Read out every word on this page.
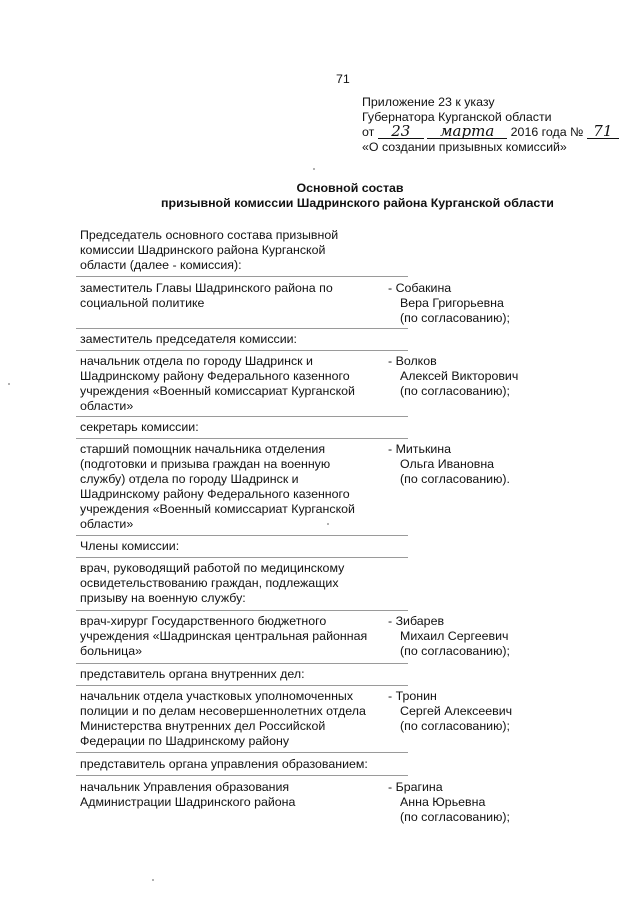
71
Приложение 23 к указу
Губернатора Курганской области
от 23 марта 2016 года № 71
«О создании призывных комиссий»
Основной состав
призывной комиссии Шадринского района Курганской области
Председатель основного состава призывной
комиссии Шадринского района Курганской
области (далее - комиссия):
заместитель Главы Шадринского района по
социальной политике
- Собакина
Вера Григорьевна
(по согласованию);
заместитель председателя комиссии:
начальник отдела по городу Шадринск и
Шадринскому району Федерального казенного
учреждения «Военный комиссариат Курганской
области»
- Волков
Алексей Викторович
(по согласованию);
секретарь комиссии:
старший помощник начальника отделения
(подготовки и призыва граждан на военную
службу) отдела по городу Шадринск и
Шадринскому району Федерального казенного
учреждения «Военный комиссариат Курганской
области»
- Митькина
Ольга Ивановна
(по согласованию).
Члены комиссии:
врач, руководящий работой по медицинскому
освидетельствованию граждан, подлежащих
призыву на военную службу:
врач-хирург Государственного бюджетного
учреждения «Шадринская центральная районная
больница»
- Зибарев
Михаил Сергеевич
(по согласованию);
представитель органа внутренних дел:
начальник отдела участковых уполномоченных
полиции и по делам несовершеннолетних отдела
Министерства внутренних дел Российской
Федерации по Шадринскому району
- Тронин
Сергей Алексеевич
(по согласованию);
представитель органа управления образованием:
начальник Управления образования
Администрации Шадринского района
- Брагина
Анна Юрьевна
(по согласованию);
